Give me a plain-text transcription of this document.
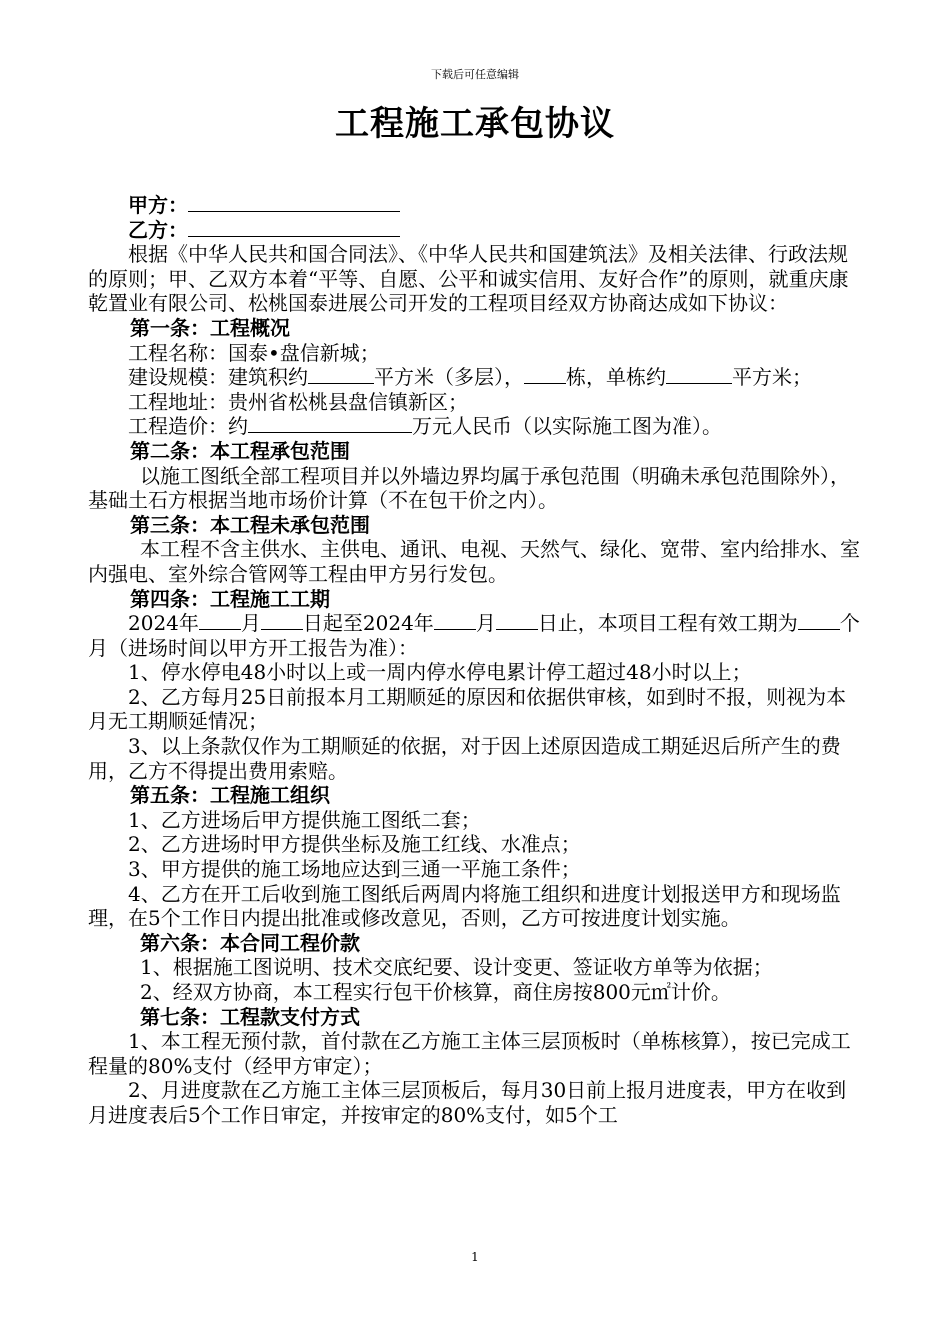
下载后可任意编辑
工程施工承包协议

甲方：

乙方：

根据《中华人民共和国合同法》、《中华人民共和国建筑法》及相关法律、行政法规的原则；甲、乙双方本着“平等、自愿、公平和诚实信用、友好合作”的原则，就重庆康乾置业有限公司、松桃国泰进展公司开发的工程项目经双方协商达成如下协议：

第一条：工程概况

工程名称：国泰•盘信新城；

建设规模：建筑积约	平方米（多层）， 栋，单栋约	平方米；

工程地址：贵州省松桃县盘信镇新区；

工程造价：约	万元人民币（以实际施工图为准）。

第二条：本工程承包范围

以施工图纸全部工程项目并以外墙边界均属于承包范围（明确未承包范围除外），基础土石方根据当地市场价计算（不在包干价之内）。

第三条：本工程未承包范围

本工程不含主供水、主供电、通讯、电视、天然气、绿化、宽带、室内给排水、室内强电、室外综合管网等工程由甲方另行发包。

第四条：工程施工工期

2024年 月 日起至2024年 月 日止，本项目工程有效工期为 个月（进场时间以甲方开工报告为准）：

1、停水停电48小时以上或一周内停水停电累计停工超过48小时以上；

2、乙方每月25日前报本月工期顺延的原因和依据供审核，如到时不报，则视为本月无工期顺延情况；

3、以上条款仅作为工期顺延的依据，对于因上述原因造成工期延迟后所产生的费用，乙方不得提出费用索赔。

第五条：工程施工组织

1、乙方进场后甲方提供施工图纸二套；

2、乙方进场时甲方提供坐标及施工红线、水准点；

3、甲方提供的施工场地应达到三通一平施工条件；

4、乙方在开工后收到施工图纸后两周内将施工组织和进度计划报送甲方和现场监理，在5个工作日内提出批准或修改意见，否则，乙方可按进度计划实施。

第六条：本合同工程价款

1、根据施工图说明、技术交底纪要、设计变更、签证收方单等为依据；

2、经双方协商，本工程实行包干价核算，商住房按800元㎡计价。

第七条：工程款支付方式

1、本工程无预付款，首付款在乙方施工主体三层顶板时（单栋核算），按已完成工程量的80%支付（经甲方审定）；

2、月进度款在乙方施工主体三层顶板后，每月30日前上报月进度表，甲方在收到月进度表后5个工作日审定，并按审定的80%支付，如5个工

1
